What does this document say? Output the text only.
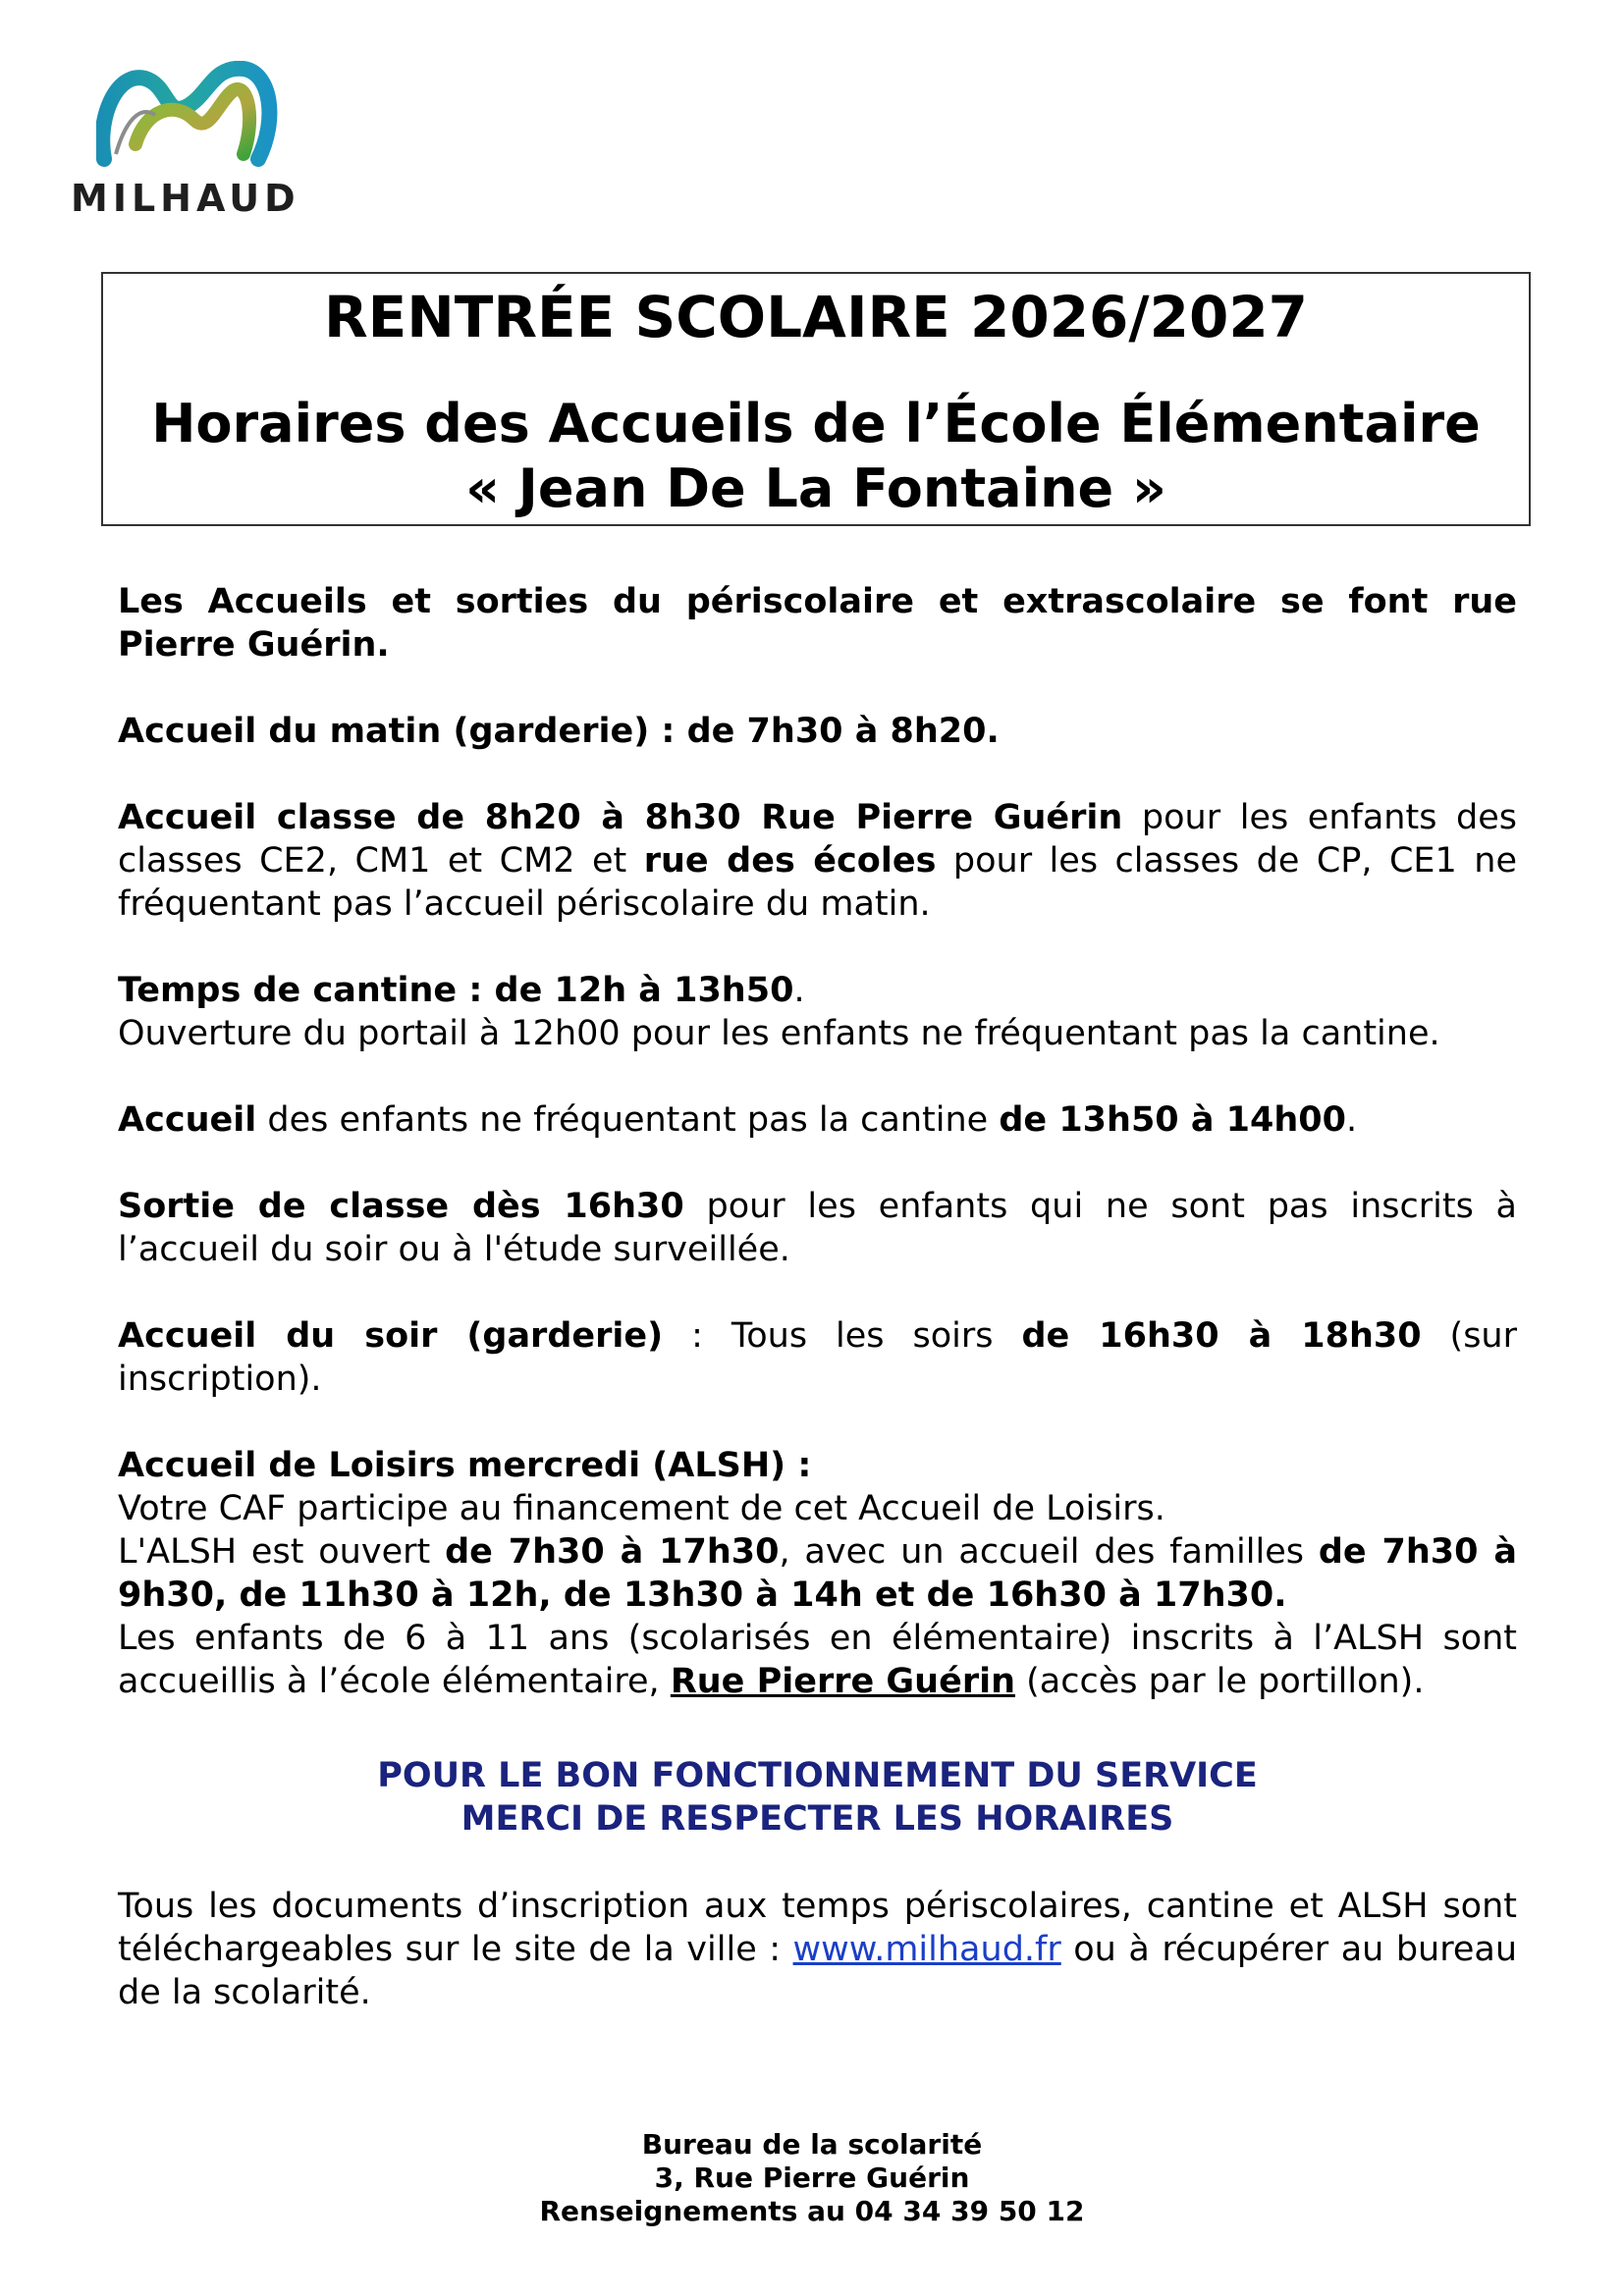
MILHAUD
RENTRÉE SCOLAIRE 2026/2027
Horaires des Accueils de l’École Élémentaire
« Jean De La Fontaine »

Les Accueils et sorties du périscolaire et extrascolaire se font rue Pierre Guérin.

Accueil du matin (garderie) : de 7h30 à 8h20.

Accueil classe de 8h20 à 8h30 Rue Pierre Guérin pour les enfants des classes CE2, CM1 et CM2 et rue des écoles pour les classes de CP, CE1 ne fréquentant pas l’accueil périscolaire du matin.

Temps de cantine : de 12h à 13h50.
Ouverture du portail à 12h00 pour les enfants ne fréquentant pas la cantine.

Accueil des enfants ne fréquentant pas la cantine de 13h50 à 14h00.

Sortie de classe dès 16h30 pour les enfants qui ne sont pas inscrits à l’accueil du soir ou à l'étude surveillée.

Accueil du soir (garderie) : Tous les soirs de 16h30 à 18h30 (sur inscription).

Accueil de Loisirs mercredi (ALSH) :
Votre CAF participe au financement de cet Accueil de Loisirs.
L'ALSH est ouvert de 7h30 à 17h30, avec un accueil des familles de 7h30 à 9h30, de 11h30 à 12h, de 13h30 à 14h et de 16h30 à 17h30.
Les enfants de 6 à 11 ans (scolarisés en élémentaire) inscrits à l’ALSH sont accueillis à l’école élémentaire, Rue Pierre Guérin (accès par le portillon).

POUR LE BON FONCTIONNEMENT DU SERVICE
MERCI DE RESPECTER LES HORAIRES
Tous les documents d’inscription aux temps périscolaires, cantine et ALSH sont téléchargeables sur le site de la ville : www.milhaud.fr ou à récupérer au bureau de la scolarité.
Bureau de la scolarité
3, Rue Pierre Guérin
Renseignements au 04 34 39 50 12
